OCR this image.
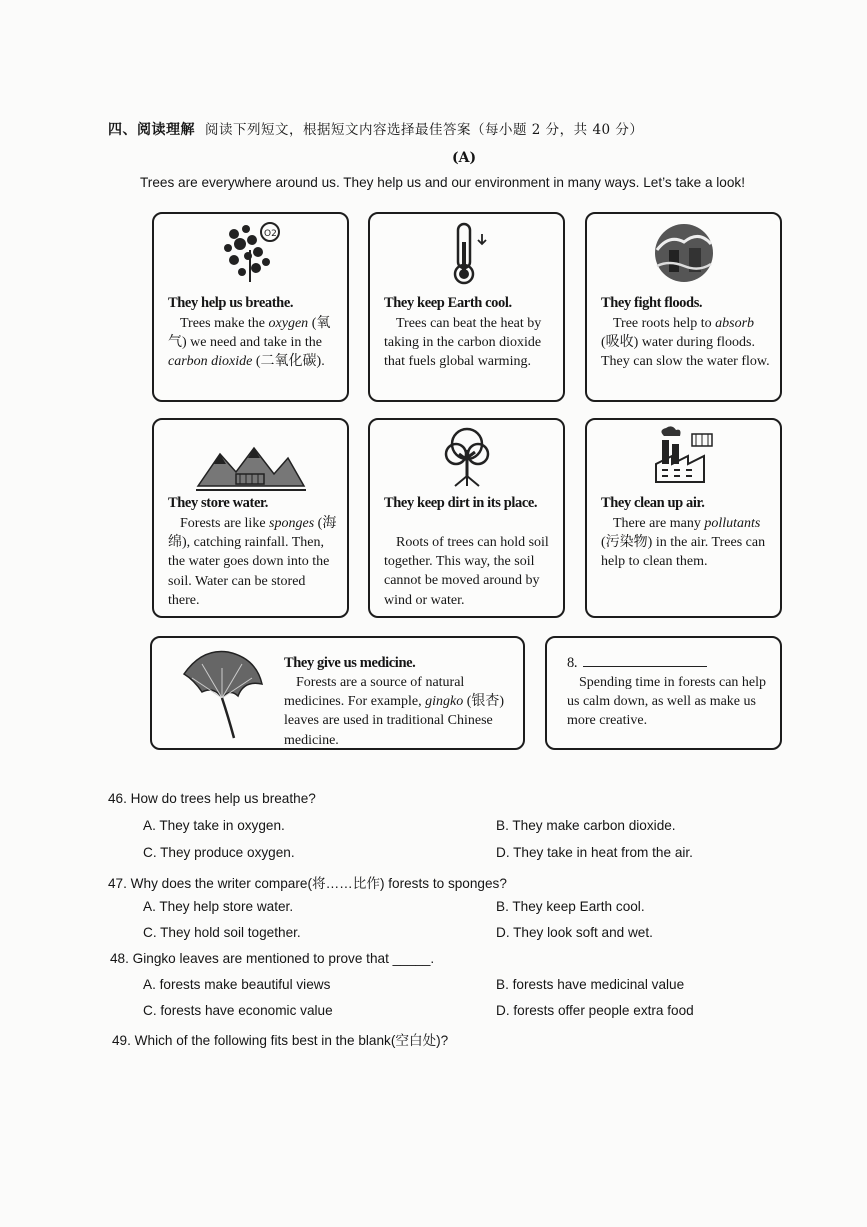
四、阅读理解 阅读下列短文，根据短文内容选择最佳答案（每小题 2 分，共 40 分）
(A)
Trees are everywhere around us. They help us and our environment in many ways. Let’s take a look!
O2
They help us breathe.
Trees make the oxygen (氧气) we need and take in the carbon dioxide (二氧化碳).
They keep Earth cool.
Trees can beat the heat by taking in the carbon dioxide that fuels global warming.
They fight floods.
Tree roots help to absorb (吸收) water during floods. They can slow the water flow.
They store water.
Forests are like sponges (海绵), catching rainfall. Then, the water goes down into the soil. Water can be stored there.
They keep dirt in its place.
Roots of trees can hold soil together. This way, the soil cannot be moved around by wind or water.
They clean up air.
There are many pollutants (污染物) in the air. Trees can help to clean them.
They give us medicine.
Forests are a source of natural medicines. For example, gingko (银杏) leaves are used in traditional Chinese medicine.
8.
Spending time in forests can help us calm down, as well as make us more creative.
46. How do trees help us breathe?
A. They take in oxygen.	B. They make carbon dioxide.
C. They produce oxygen.	D. They take in heat from the air.
47. Why does the writer compare(将……比作) forests to sponges?
A. They help store water.	B. They keep Earth cool.
C. They hold soil together.	D. They look soft and wet.
48. Gingko leaves are mentioned to prove that _____.
A. forests make beautiful views	B. forests have medicinal value
C. forests have economic value	D. forests offer people extra food
49. Which of the following fits best in the blank(空白处)?
